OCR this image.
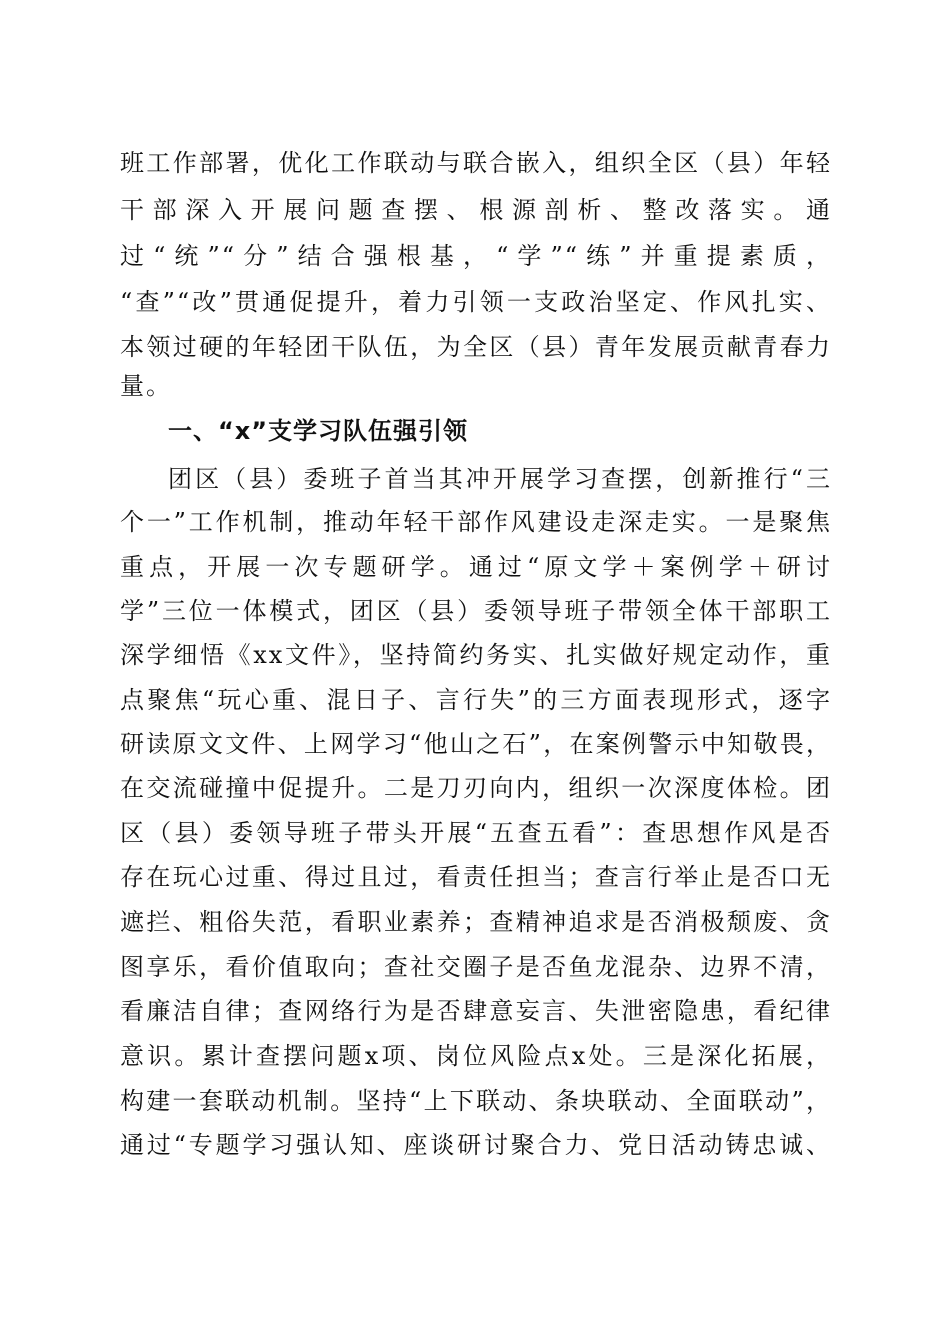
班工作部署，优化工作联动与联合嵌入，组织全区（县）年轻
干部深入开展问题查摆、根源剖析、整改落实。通
过“统”“分”结合强根基，“学”“练”并重提素质，
“查”“改”贯通促提升，着力引领一支政治坚定、作风扎实、
本领过硬的年轻团干队伍，为全区（县）青年发展贡献青春力
量。
一、“x”支学习队伍强引领
团区（县）委班子首当其冲开展学习查摆，创新推行“三
个一”工作机制，推动年轻干部作风建设走深走实。一是聚焦
重点，开展一次专题研学。通过“原文学＋案例学＋研讨
学”三位一体模式，团区（县）委领导班子带领全体干部职工
深学细悟《xx文件》，坚持简约务实、扎实做好规定动作，重
点聚焦“玩心重、混日子、言行失”的三方面表现形式，逐字
研读原文文件、上网学习“他山之石”，在案例警示中知敬畏，
在交流碰撞中促提升。二是刀刃向内，组织一次深度体检。团
区（县）委领导班子带头开展“五查五看”：查思想作风是否
存在玩心过重、得过且过，看责任担当；查言行举止是否口无
遮拦、粗俗失范，看职业素养；查精神追求是否消极颓废、贪
图享乐，看价值取向；查社交圈子是否鱼龙混杂、边界不清，
看廉洁自律；查网络行为是否肆意妄言、失泄密隐患，看纪律
意识。累计查摆问题x项、岗位风险点x处。三是深化拓展，
构建一套联动机制。坚持“上下联动、条块联动、全面联动”，
通过“专题学习强认知、座谈研讨聚合力、党日活动铸忠诚、
